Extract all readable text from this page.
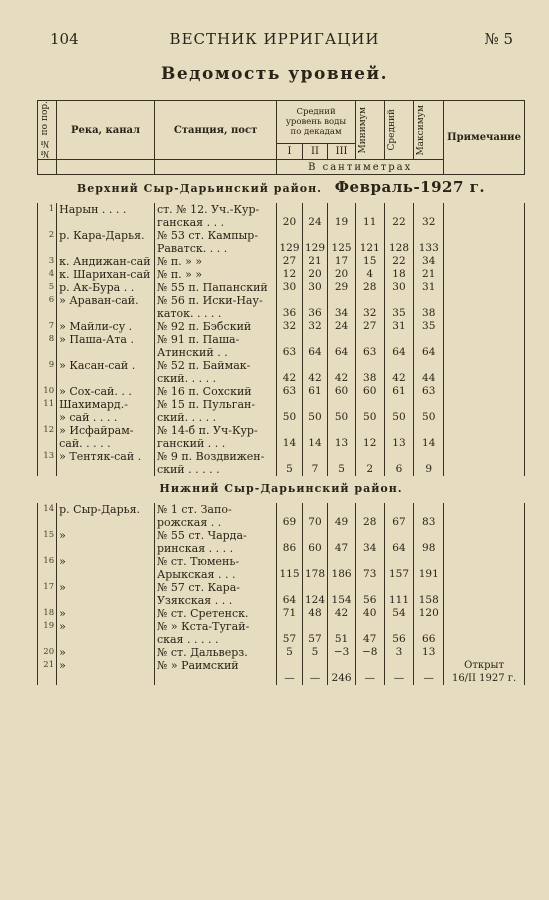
104	ВЕСТНИК ИРРИГАЦИИ	№ 5
Ведомость уровней.
№№ по пор.	Река, канал	Станция, пост	Средний уровень воды по декадам			Минимум	Средний	Максимум	Примечание
			I	II	III				
			В сантиметрах						
Верхний Сыр-Дарьинский район. Февраль-1927 г.									
1	Нарын . . . .	ст. № 12. Уч.-Кур-
ганская . . .	20	24	19	11	22	32	
2	р. Кара-Дарья.	№ 53 ст. Кампыр-
Раватск. . . .	129	129	125	121	128	133	
3	к. Андижан-сай	№ п. » »	27	21	17	15	22	34	
4	к. Шарихан-сай	№ п. » »	12	20	20	4	18	21	
5	р. Ак-Бура . .	№ 55 п. Папанский	30	30	29	28	30	31	
6	» Араван-сай.	№ 56 п. Иски-Нау-
каток. . . . .	36	36	34	32	35	38	
7	» Майли-су .	№ 92 п. Бэбский	32	32	24	27	31	35	
8	» Паша-Ата .	№ 91 п. Паша-
Атинский . .	63	64	64	63	64	64	
9	» Касан-сай .	№ 52 п. Баймак-
ский. . . . .	42	42	42	38	42	44	
10	» Сох-сай. . .	№ 16 п. Сохский	63	61	60	60	61	63	
11	Шахимард.-
» сай . . . .	№ 15 п. Пульган-
ский. . . . .	50	50	50	50	50	50	
12	» Исфайрам-
сай. . . . .	№ 14-б п. Уч-Кур-
ганский . . .	14	14	13	12	13	14	
13	» Тентяк-сай .	№ 9 п. Воздвижен-
ский . . . . .	5	7	5	2	6	9	
Нижний Сыр-Дарьинский район.									
14	р. Сыр-Дарья.	№ 1 ст. Запо-
рожская . .	69	70	49	28	67	83	
15	»	№ 55 ст. Чарда-
ринская . . . .	86	60	47	34	64	98	
16	»	№ ст. Тюмень-
Арыкская . . .	115	178	186	73	157	191	
17	»	№ 57 ст. Кара-
Узякская . . .	64	124	154	56	111	158	
18	»	№ ст. Сретенск.	71	48	42	40	54	120	
19	»	№ » Кста-Тугай-
ская . . . . .	57	57	51	47	56	66	
20	»	№ ст. Дальверз.	5	5	−3	−8	3	13	
21	»	№ » Раимский	—	—	246	—	—	—	Открыт
16/II 1927 г.
